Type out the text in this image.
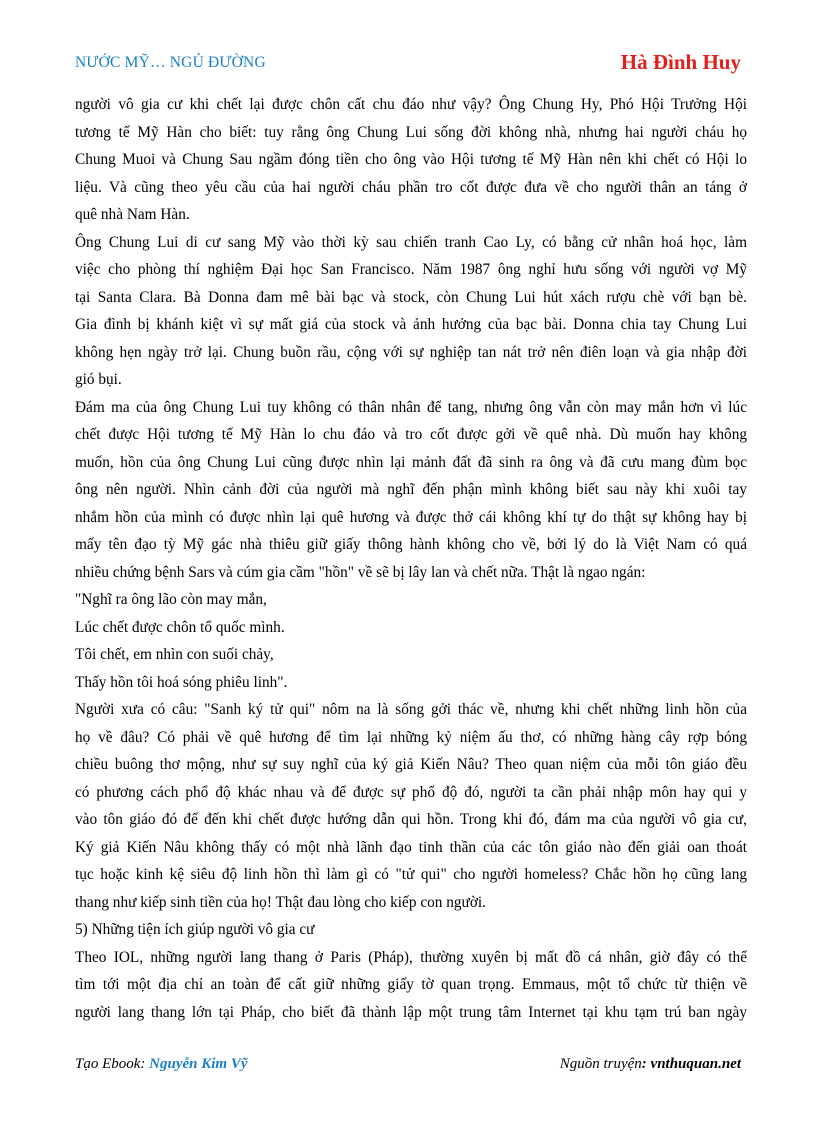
NƯỚC MỸ… NGỦ ĐƯỜNG	Hà Đình Huy
người vô gia cư khi chết lại được chôn cất chu đáo như vậy? Ông Chung Hy, Phó Hội Trưởng Hội
tương tế Mỹ Hàn cho biết: tuy rằng ông Chung Lui sống đời không nhà, nhưng hai người cháu họ
Chung Muoi và Chung Sau ngầm đóng tiền cho ông vào Hội tương tế Mỹ Hàn nên khi chết có Hội lo
liệu. Và cũng theo yêu cầu của hai người cháu phần tro cốt được đưa về cho người thân an táng ở
quê nhà Nam Hàn.
Ông Chung Lui di cư sang Mỹ vào thời kỳ sau chiến tranh Cao Ly, có bằng cử nhân hoá học, làm
việc cho phòng thí nghiệm Đại học San Francisco. Năm 1987 ông nghỉ hưu sống với người vợ Mỹ
tại Santa Clara. Bà Donna đam mê bài bạc và stock, còn Chung Lui hút xách rượu chè với bạn bè.
Gia đình bị khánh kiệt vì sự mất giá của stock và ảnh hưởng của bạc bài. Donna chia tay Chung Lui
không hẹn ngày trở lại. Chung buồn rầu, cộng với sự nghiệp tan nát trở nên điên loạn và gia nhập đời
gió bụi.
Đám ma của ông Chung Lui tuy không có thân nhân để tang, nhưng ông vẫn còn may mắn hơn vì lúc
chết được Hội tương tế Mỹ Hàn lo chu đáo và tro cốt được gởi về quê nhà. Dù muốn hay không
muốn, hồn của ông Chung Lui cũng được nhìn lại mảnh đất đã sinh ra ông và đã cưu mang đùm bọc
ông nên người. Nhìn cảnh đời của người mà nghĩ đến phận mình không biết sau này khi xuôi tay
nhắm hồn của mình có được nhìn lại quê hương và được thở cái không khí tự do thật sự không hay bị
mấy tên đạo tỳ Mỹ gác nhà thiêu giữ giấy thông hành không cho về, bởi lý do là Việt Nam có quá
nhiều chứng bệnh Sars và cúm gia cầm "hồn" về sẽ bị lây lan và chết nữa. Thật là ngao ngán:
"Nghĩ ra ông lão còn may mắn,
Lúc chết được chôn tổ quốc mình.
Tôi chết, em nhìn con suối chảy,
Thấy hồn tôi hoá sóng phiêu linh".
Người xưa có câu: "Sanh ký tử qui" nôm na là sống gởi thác về, nhưng khi chết những linh hồn của
họ về đâu? Có phải về quê hương để tìm lại những kỷ niệm ấu thơ, có những hàng cây rợp bóng
chiều buông thơ mộng, như sự suy nghĩ của ký giả Kiến Nâu? Theo quan niệm của mỗi tôn giáo đều
có phương cách phổ độ khác nhau và để được sự phổ độ đó, người ta cần phải nhập môn hay qui y
vào tôn giáo đó để đến khi chết được hướng dẫn qui hồn. Trong khi đó, đám ma của người vô gia cư,
Ký giả Kiến Nâu không thấy có một nhà lãnh đạo tinh thần của các tôn giáo nào đến giải oan thoát
tục hoặc kinh kệ siêu độ linh hồn thì làm gì có "tử qui" cho người homeless? Chắc hồn họ cũng lang
thang như kiếp sinh tiền của họ! Thật đau lòng cho kiếp con người.
5) Những tiện ích giúp người vô gia cư
Theo IOL, những người lang thang ở Paris (Pháp), thường xuyên bị mất đồ cá nhân, giờ đây có thể
tìm tới một địa chỉ an toàn để cất giữ những giấy tờ quan trọng. Emmaus, một tổ chức từ thiện về
người lang thang lớn tại Pháp, cho biết đã thành lập một trung tâm Internet tại khu tạm trú ban ngày
Tạo Ebook: Nguyễn Kim Vỹ	Nguồn truyện: vnthuquan.net
